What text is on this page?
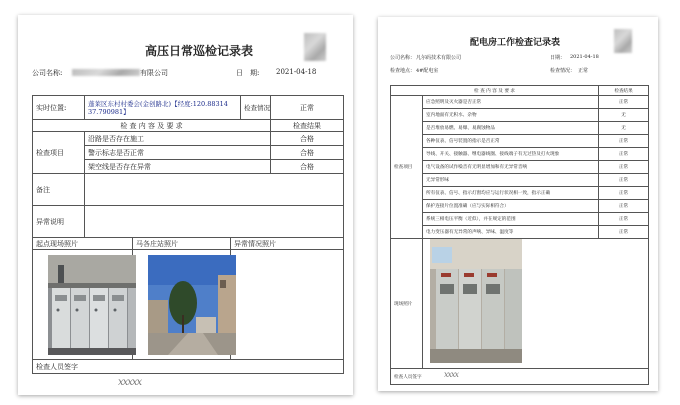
高压日常巡检记录表
公司名称:	有限公司	日　期: 2021-04-18
实时位置:	蓬莱区东村村委会(金创路北)【经度:120.88314
37.790981】	检查情况	正常
检 查 内 容 及 要 求			检查结果
检查项目	沿路是否存在施工		合格
	警示标志是否正常		合格
	架空线是否存在异常		合格
备注			
异常说明			
起点现场照片	马各庄站照片	异常情况照片

检查人员签字		
xxxxx
配电房工作检查记录表
公司名称： 凡尔码技术有限公司	日期： 2021-04-18
检查地点： 4#配电室	检查情况： 正常
检 查 内 容 及 要 求		检查结果
检查项目	应急照明及灭火器是否正常	正常
	室内地面有无积水、杂物	无
	是否堆放易燃、易爆、易腐蚀物品	无
	各种仪表、信号装置的指示是否正常	正常
	导线、开关、接触器、继电器线圈、接线端子有无过热及打火现象	正常
	电气设备的试作噪音有无明显增加和有无异常音响	正常
	无异常形味	正常
	所有仪表、信号、指示灯窗均应与运行状况相一致，指示正确	正常
	保护连接片位置准确（应与实际相符合）	正常
	系统三相电压平衡（近似），并在规定的范围	正常
	电力变压器有无异常的声响、异味、温度等	正常
现场照片		
检查人员签字			xxxx
